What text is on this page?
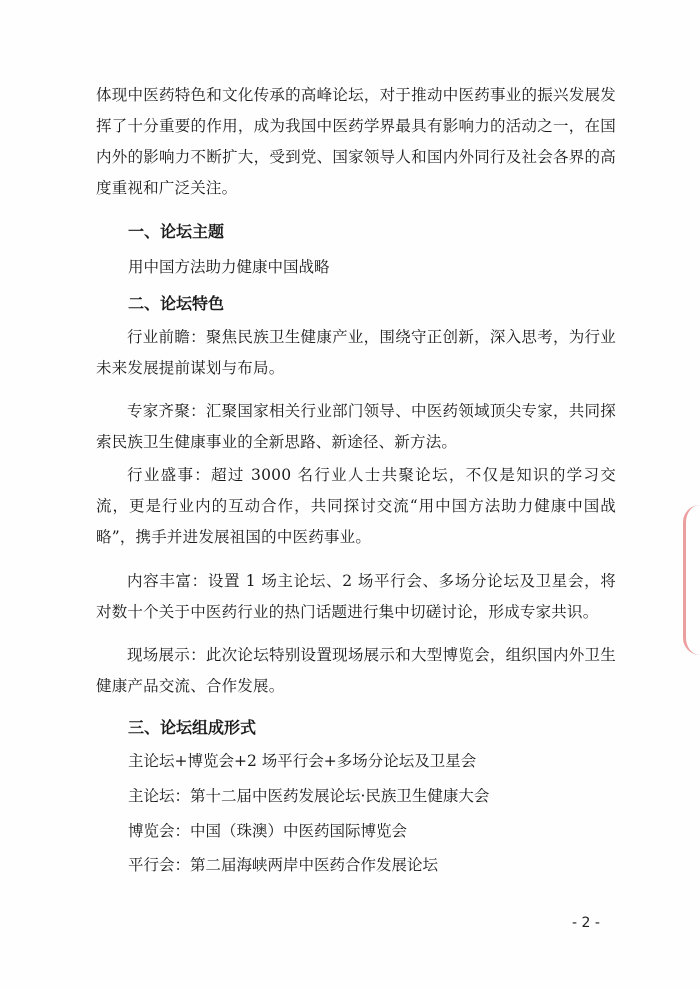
体现中医药特色和文化传承的高峰论坛，对于推动中医药事业的振兴发展发挥了十分重要的作用，成为我国中医药学界最具有影响力的活动之一，在国内外的影响力不断扩大，受到党、国家领导人和国内外同行及社会各界的高度重视和广泛关注。

一、论坛主题

用中国方法助力健康中国战略

二、论坛特色

行业前瞻：聚焦民族卫生健康产业，围绕守正创新，深入思考，为行业未来发展提前谋划与布局。

专家齐聚：汇聚国家相关行业部门领导、中医药领域顶尖专家，共同探索民族卫生健康事业的全新思路、新途径、新方法。

行业盛事：超过 3000 名行业人士共聚论坛，不仅是知识的学习交流，更是行业内的互动合作，共同探讨交流“用中国方法助力健康中国战略”，携手并进发展祖国的中医药事业。

内容丰富：设置 1 场主论坛、2 场平行会、多场分论坛及卫星会，将对数十个关于中医药行业的热门话题进行集中切磋讨论，形成专家共识。

现场展示：此次论坛特别设置现场展示和大型博览会，组织国内外卫生健康产品交流、合作发展。

三、论坛组成形式

主论坛+博览会+2 场平行会+多场分论坛及卫星会

主论坛：第十二届中医药发展论坛·民族卫生健康大会

博览会：中国（珠澳）中医药国际博览会

平行会：第二届海峡两岸中医药合作发展论坛

- 2 -
